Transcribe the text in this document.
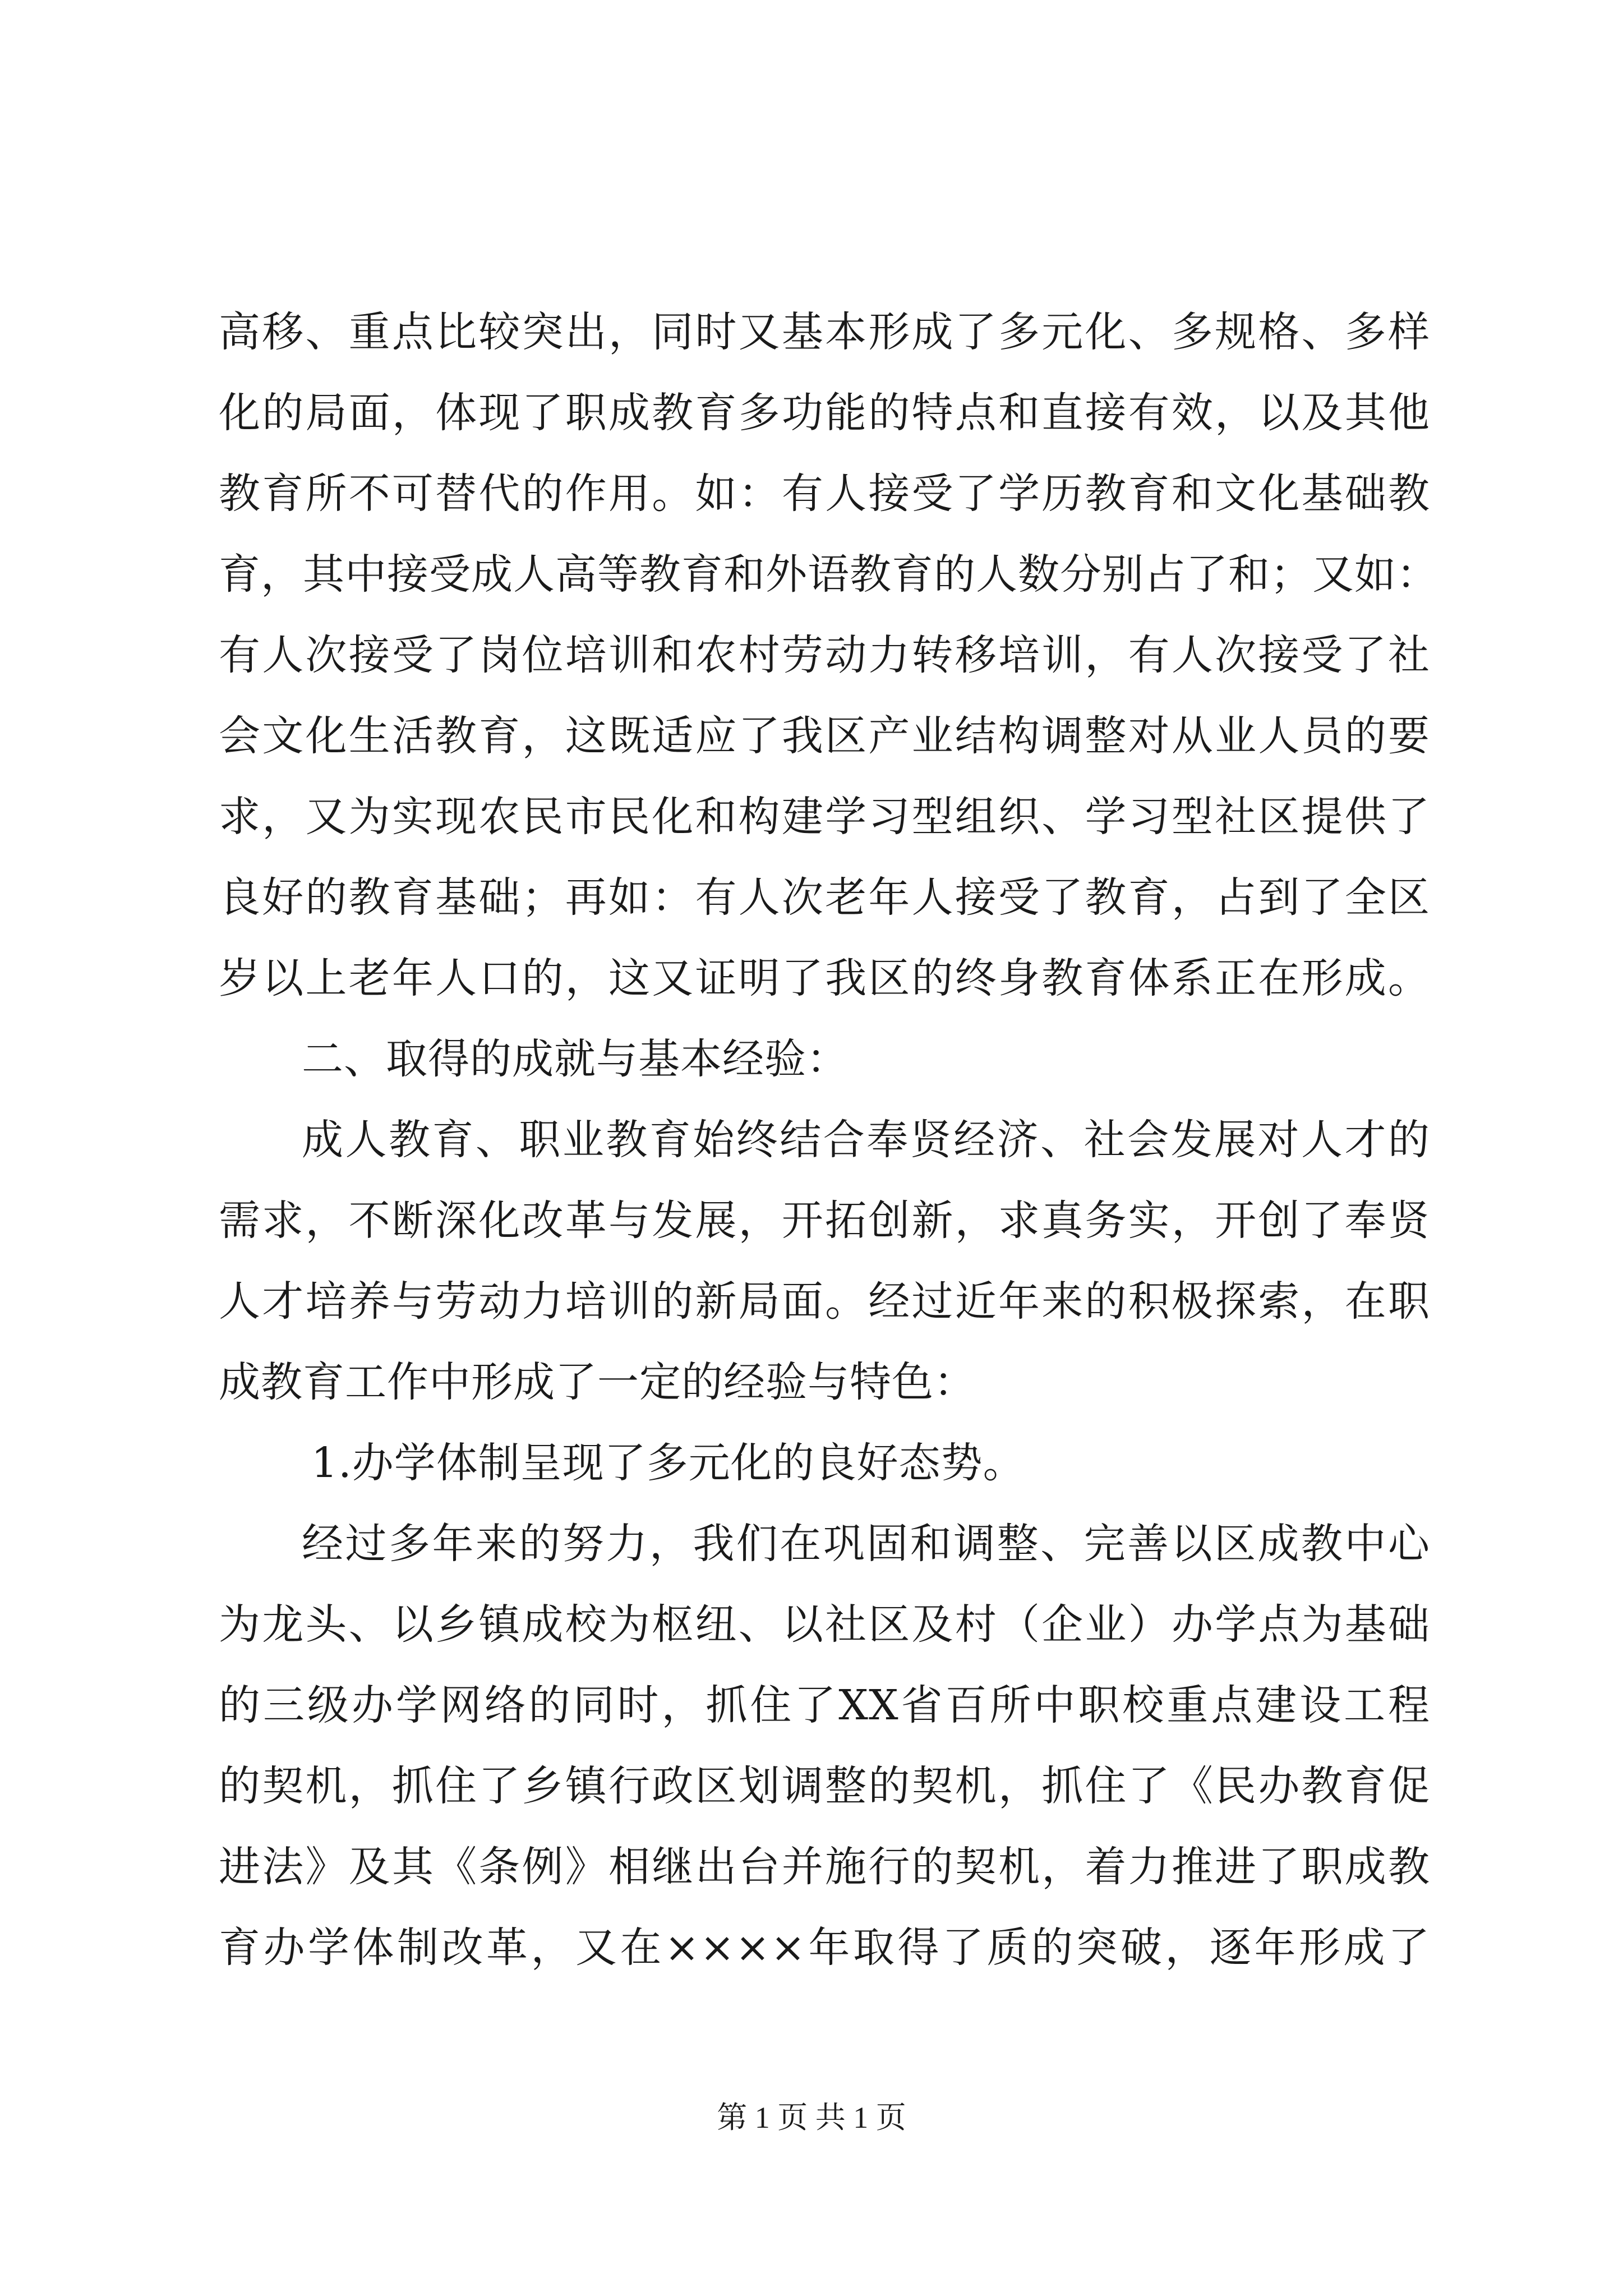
高移、重点比较突出，同时又基本形成了多元化、多规格、多样
化的局面，体现了职成教育多功能的特点和直接有效，以及其他
教育所不可替代的作用。如：有人接受了学历教育和文化基础教
育，其中接受成人高等教育和外语教育的人数分别占了和；又如：
有人次接受了岗位培训和农村劳动力转移培训，有人次接受了社
会文化生活教育，这既适应了我区产业结构调整对从业人员的要
求，又为实现农民市民化和构建学习型组织、学习型社区提供了
良好的教育基础；再如：有人次老年人接受了教育，占到了全区
岁以上老年人口的，这又证明了我区的终身教育体系正在形成。
二、取得的成就与基本经验：
成人教育、职业教育始终结合奉贤经济、社会发展对人才的
需求，不断深化改革与发展，开拓创新，求真务实，开创了奉贤
人才培养与劳动力培训的新局面。经过近年来的积极探索，在职
成教育工作中形成了一定的经验与特色：
1.办学体制呈现了多元化的良好态势。
经过多年来的努力，我们在巩固和调整、完善以区成教中心
为龙头、以乡镇成校为枢纽、以社区及村（企业）办学点为基础
的三级办学网络的同时，抓住了XX省百所中职校重点建设工程
的契机，抓住了乡镇行政区划调整的契机，抓住了《民办教育促
进法》及其《条例》相继出台并施行的契机，着力推进了职成教
育办学体制改革，又在××××年取得了质的突破，逐年形成了
第 1 页 共 1 页
